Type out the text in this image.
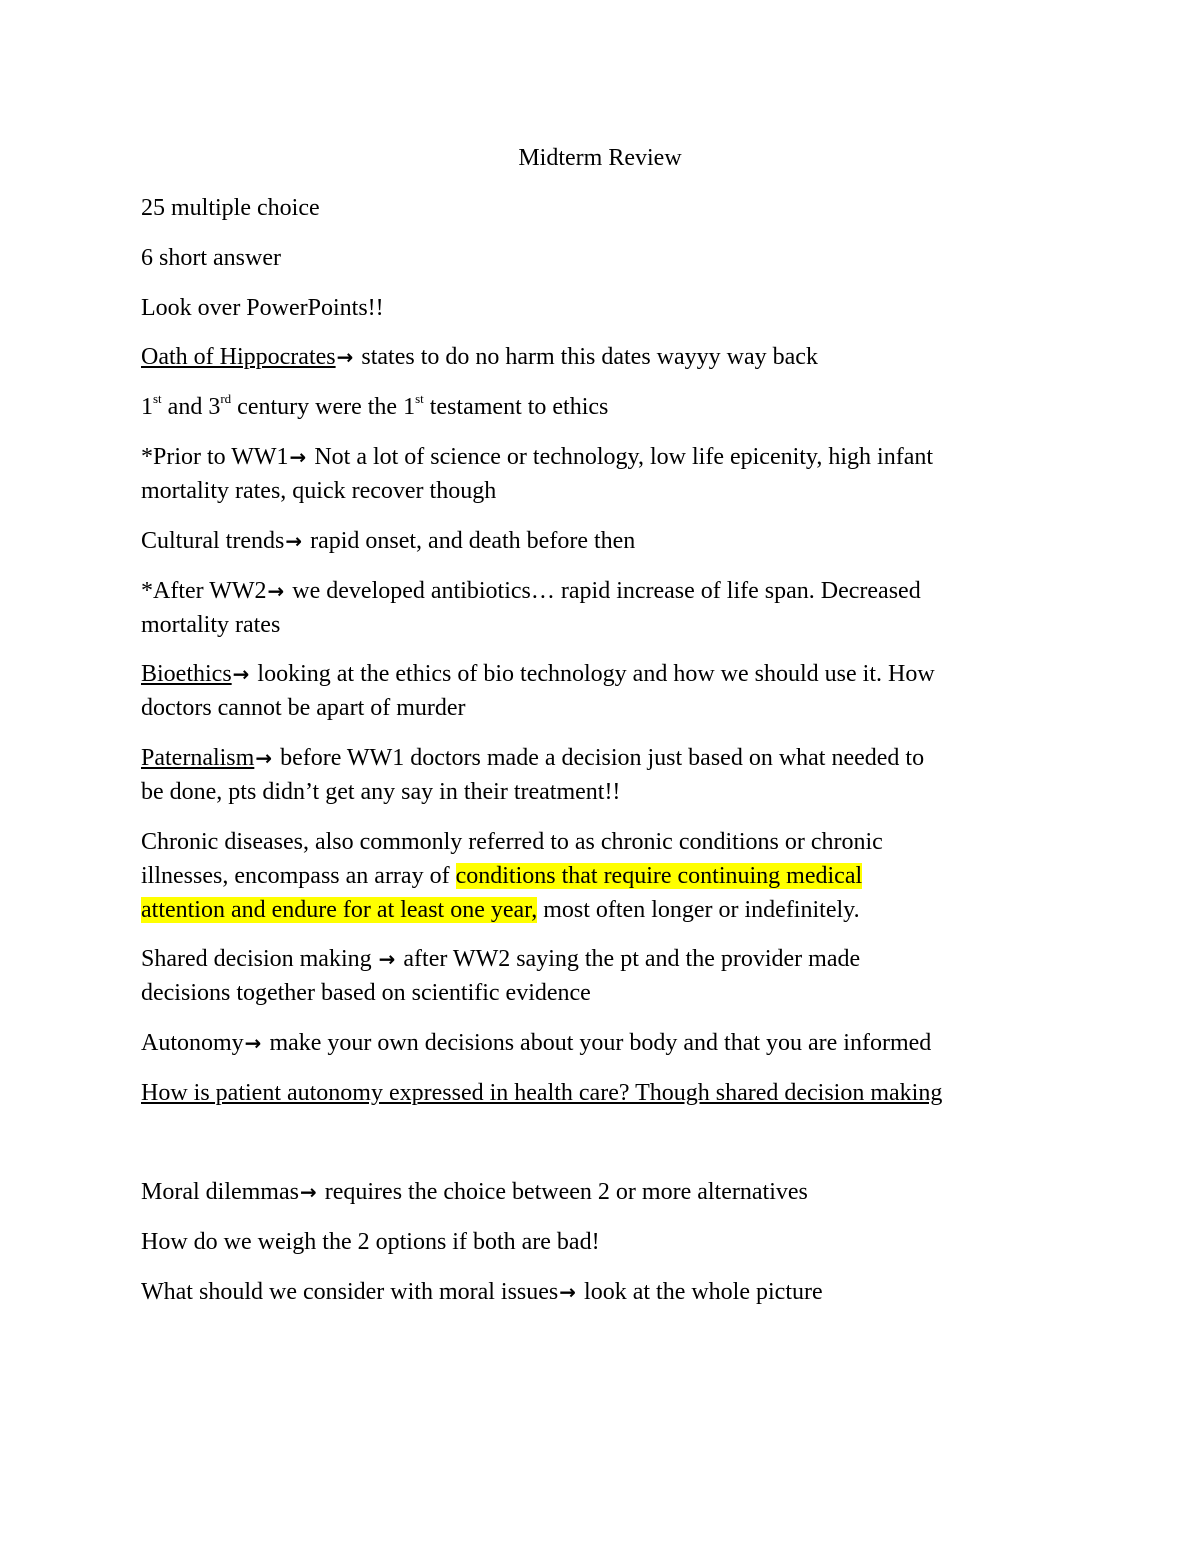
Midterm Review
25 multiple choice
6 short answer
Look over PowerPoints!!
Oath of Hippocrates→ states to do no harm this dates wayyy way back
1st and 3rd century were the 1st testament to ethics
*Prior to WW1→ Not a lot of science or technology, low life epicenity, high infant
mortality rates, quick recover though
Cultural trends→ rapid onset, and death before then
*After WW2→ we developed antibiotics… rapid increase of life span. Decreased
mortality rates
Bioethics→ looking at the ethics of bio technology and how we should use it. How
doctors cannot be apart of murder
Paternalism→ before WW1 doctors made a decision just based on what needed to
be done, pts didn’t get any say in their treatment!!
Chronic diseases, also commonly referred to as chronic conditions or chronic
illnesses, encompass an array of conditions that require continuing medical
attention and endure for at least one year, most often longer or indefinitely.
Shared decision making → after WW2 saying the pt and the provider made
decisions together based on scientific evidence
Autonomy→ make your own decisions about your body and that you are informed
How is patient autonomy expressed in health care? Though shared decision making
Moral dilemmas→ requires the choice between 2 or more alternatives
How do we weigh the 2 options if both are bad!
What should we consider with moral issues→ look at the whole picture
